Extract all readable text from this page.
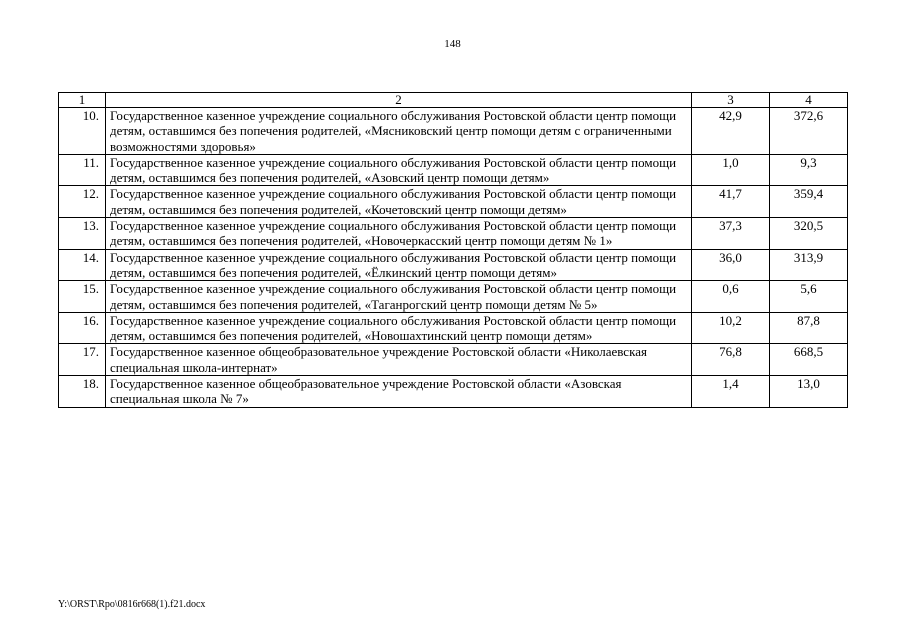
148
1	2	3	4
10.	Государственное казенное учреждение социального обслуживания Ростовской области центр помощи детям, оставшимся без попечения родителей, «Мясниковский центр помощи детям с ограниченными возможностями здоровья»	42,9	372,6
11.	Государственное казенное учреждение социального обслуживания Ростовской области центр помощи детям, оставшимся без попечения родителей, «Азовский центр помощи детям»	1,0	9,3
12.	Государственное казенное учреждение социального обслуживания Ростовской области центр помощи детям, оставшимся без попечения родителей, «Кочетовский центр помощи детям»	41,7	359,4
13.	Государственное казенное учреждение социального обслуживания Ростовской области центр помощи детям, оставшимся без попечения родителей, «Новочеркасский центр помощи детям № 1»	37,3	320,5
14.	Государственное казенное учреждение социального обслуживания Ростовской области центр помощи детям, оставшимся без попечения родителей, «Ёлкинский центр помощи детям»	36,0	313,9
15.	Государственное казенное учреждение социального обслуживания Ростовской области центр помощи детям, оставшимся без попечения родителей, «Таганрогский центр помощи детям № 5»	0,6	5,6
16.	Государственное казенное учреждение социального обслуживания Ростовской области центр помощи детям, оставшимся без попечения родителей, «Новошахтинский центр помощи детям»	10,2	87,8
17.	Государственное казенное общеобразовательное учреждение Ростовской области «Николаевская специальная школа-интернат»	76,8	668,5
18.	Государственное казенное общеобразовательное учреждение Ростовской области «Азовская специальная школа № 7»	1,4	13,0
Y:\ORST\Rpo\0816r668(1).f21.docx
